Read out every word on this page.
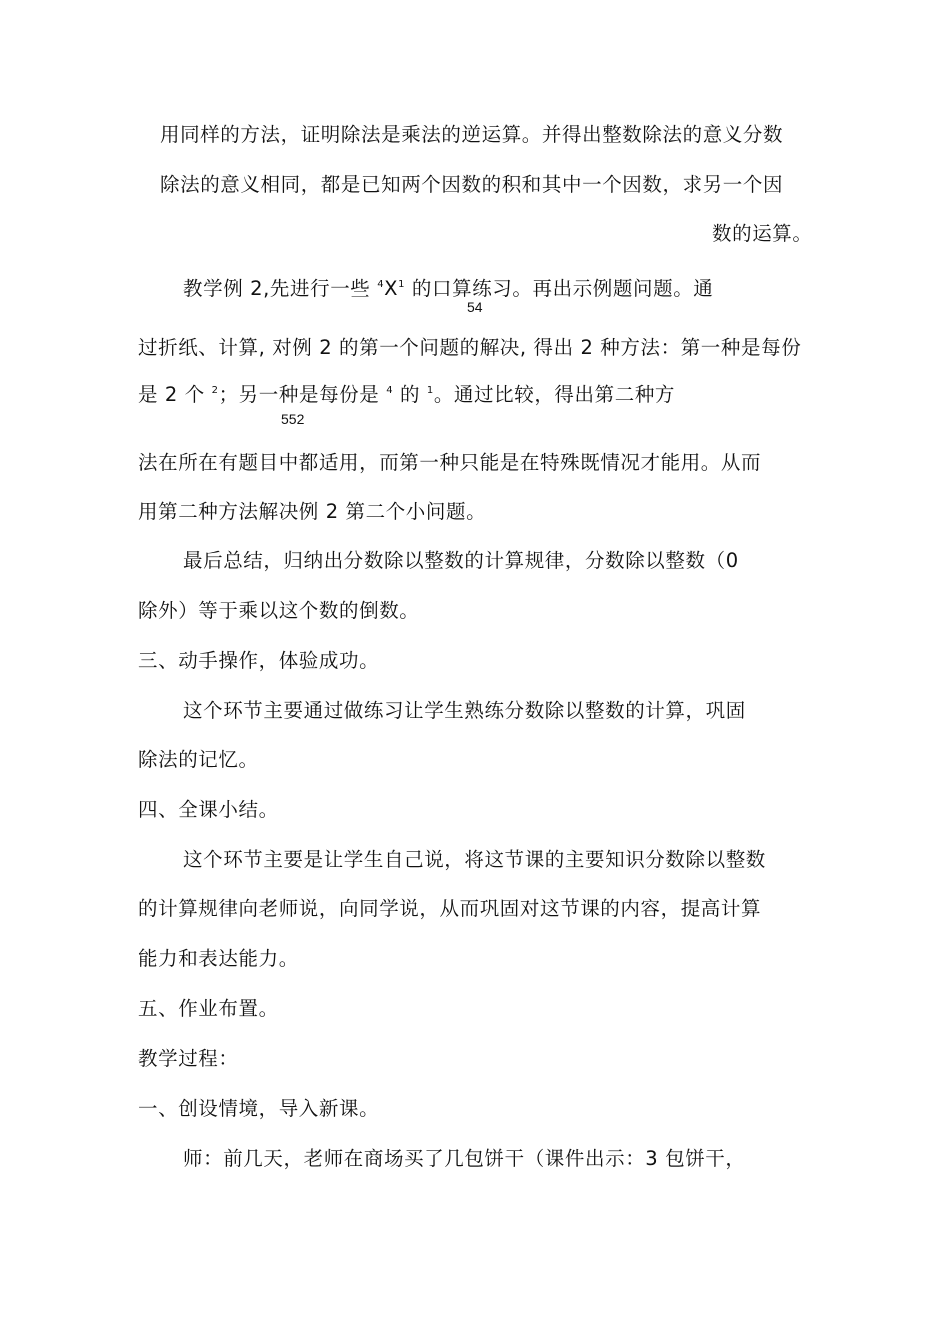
用同样的方法，证明除法是乘法的逆运算。并得出整数除法的意义分数
除法的意义相同，都是已知两个因数的积和其中一个因数，求另一个因
数的运算。
教学例 2,先进行一些 $^4X^1$ 的口算练习。再出示例题问题。通
54
过折纸、计算, 对例 2 的第一个问题的解决, 得出 2 种方法：第一种是每份
是 2 个 $^2$；另一种是每份是 $^4$ 的 $^1$。通过比较，得出第二种方
552
法在所在有题目中都适用，而第一种只能是在特殊既情况才能用。从而
用第二种方法解决例 2 第二个小问题。
最后总结，归纳出分数除以整数的计算规律，分数除以整数（0
除外）等于乘以这个数的倒数。
三、动手操作，体验成功。
这个环节主要通过做练习让学生熟练分数除以整数的计算，巩固
除法的记忆。
四、全课小结。
这个环节主要是让学生自己说，将这节课的主要知识分数除以整数
的计算规律向老师说，向同学说，从而巩固对这节课的内容，提高计算
能力和表达能力。
五、作业布置。
教学过程：
一、创设情境，导入新课。
师：前几天，老师在商场买了几包饼干（课件出示：3 包饼干，
